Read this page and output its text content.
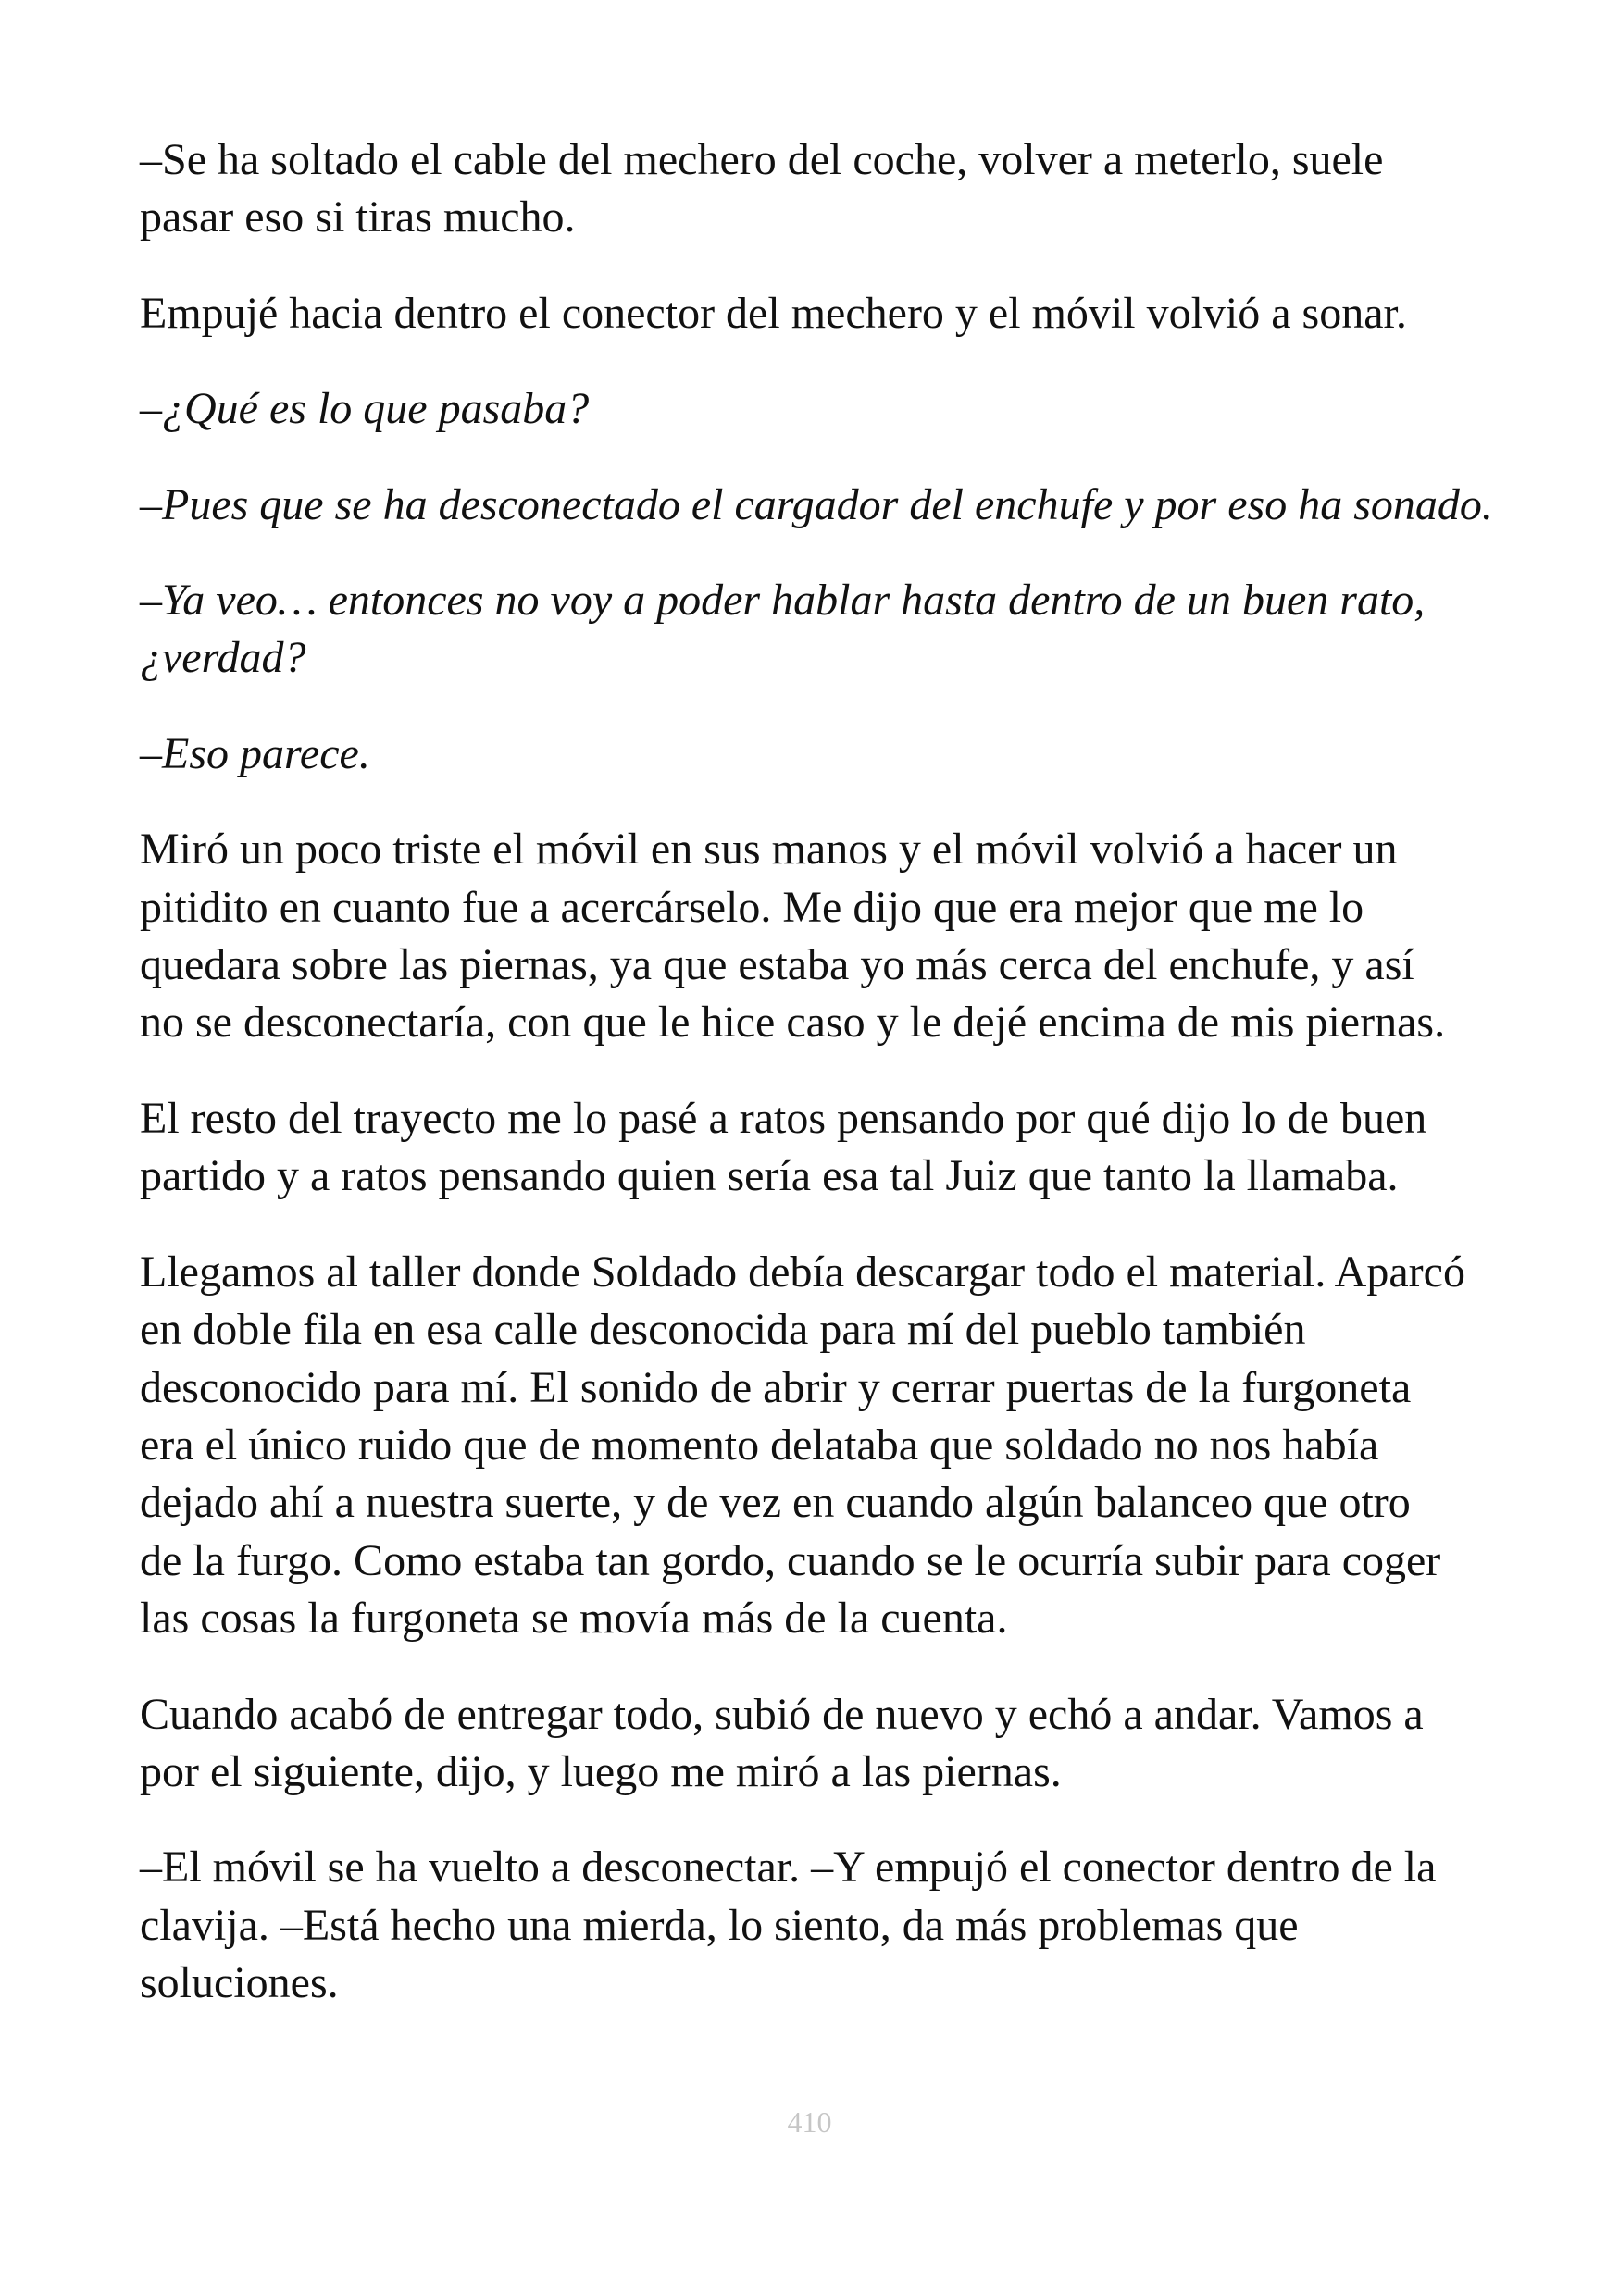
–Se ha soltado el cable del mechero del coche, volver a meterlo, suele
pasar eso si tiras mucho.
Empujé hacia dentro el conector del mechero y el móvil volvió a sonar.
–¿Qué es lo que pasaba?
–Pues que se ha desconectado el cargador del enchufe y por eso ha sonado.
–Ya veo… entonces no voy a poder hablar hasta dentro de un buen rato,
¿verdad?
–Eso parece.
Miró un poco triste el móvil en sus manos y el móvil volvió a hacer un
pitidito en cuanto fue a acercárselo. Me dijo que era mejor que me lo
quedara sobre las piernas, ya que estaba yo más cerca del enchufe, y así
no se desconectaría, con que le hice caso y le dejé encima de mis piernas.
El resto del trayecto me lo pasé a ratos pensando por qué dijo lo de buen
partido y a ratos pensando quien sería esa tal Juiz que tanto la llamaba.
Llegamos al taller donde Soldado debía descargar todo el material. Aparcó
en doble fila en esa calle desconocida para mí del pueblo también
desconocido para mí. El sonido de abrir y cerrar puertas de la furgoneta
era el único ruido que de momento delataba que soldado no nos había
dejado ahí a nuestra suerte, y de vez en cuando algún balanceo que otro
de la furgo. Como estaba tan gordo, cuando se le ocurría subir para coger
las cosas la furgoneta se movía más de la cuenta.
Cuando acabó de entregar todo, subió de nuevo y echó a andar. Vamos a
por el siguiente, dijo, y luego me miró a las piernas.
–El móvil se ha vuelto a desconectar. –Y empujó el conector dentro de la
clavija. –Está hecho una mierda, lo siento, da más problemas que
soluciones.
410
